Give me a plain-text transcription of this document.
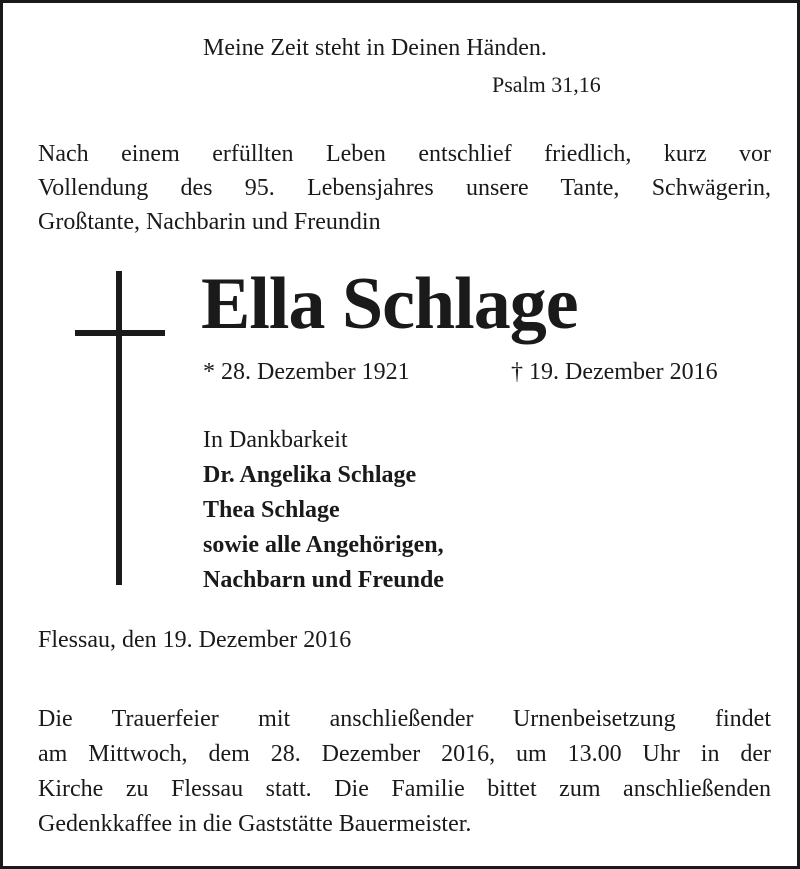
Meine Zeit steht in Deinen Händen.
Psalm 31,16
Nach einem erfüllten Leben entschlief friedlich, kurz vor
Vollendung des 95. Lebensjahres unsere Tante, Schwägerin,
Großtante, Nachbarin und Freundin
Ella Schlage
* 28. Dezember 1921	† 19. Dezember 2016
In Dankbarkeit
Dr. Angelika Schlage
Thea Schlage
sowie alle Angehörigen,
Nachbarn und Freunde
Flessau, den 19. Dezember 2016
Die Trauerfeier mit anschließender Urnenbeisetzung findet
am Mittwoch, dem 28. Dezember 2016, um 13.00 Uhr in der
Kirche zu Flessau statt. Die Familie bittet zum anschließenden
Gedenkkaffee in die Gaststätte Bauermeister.
